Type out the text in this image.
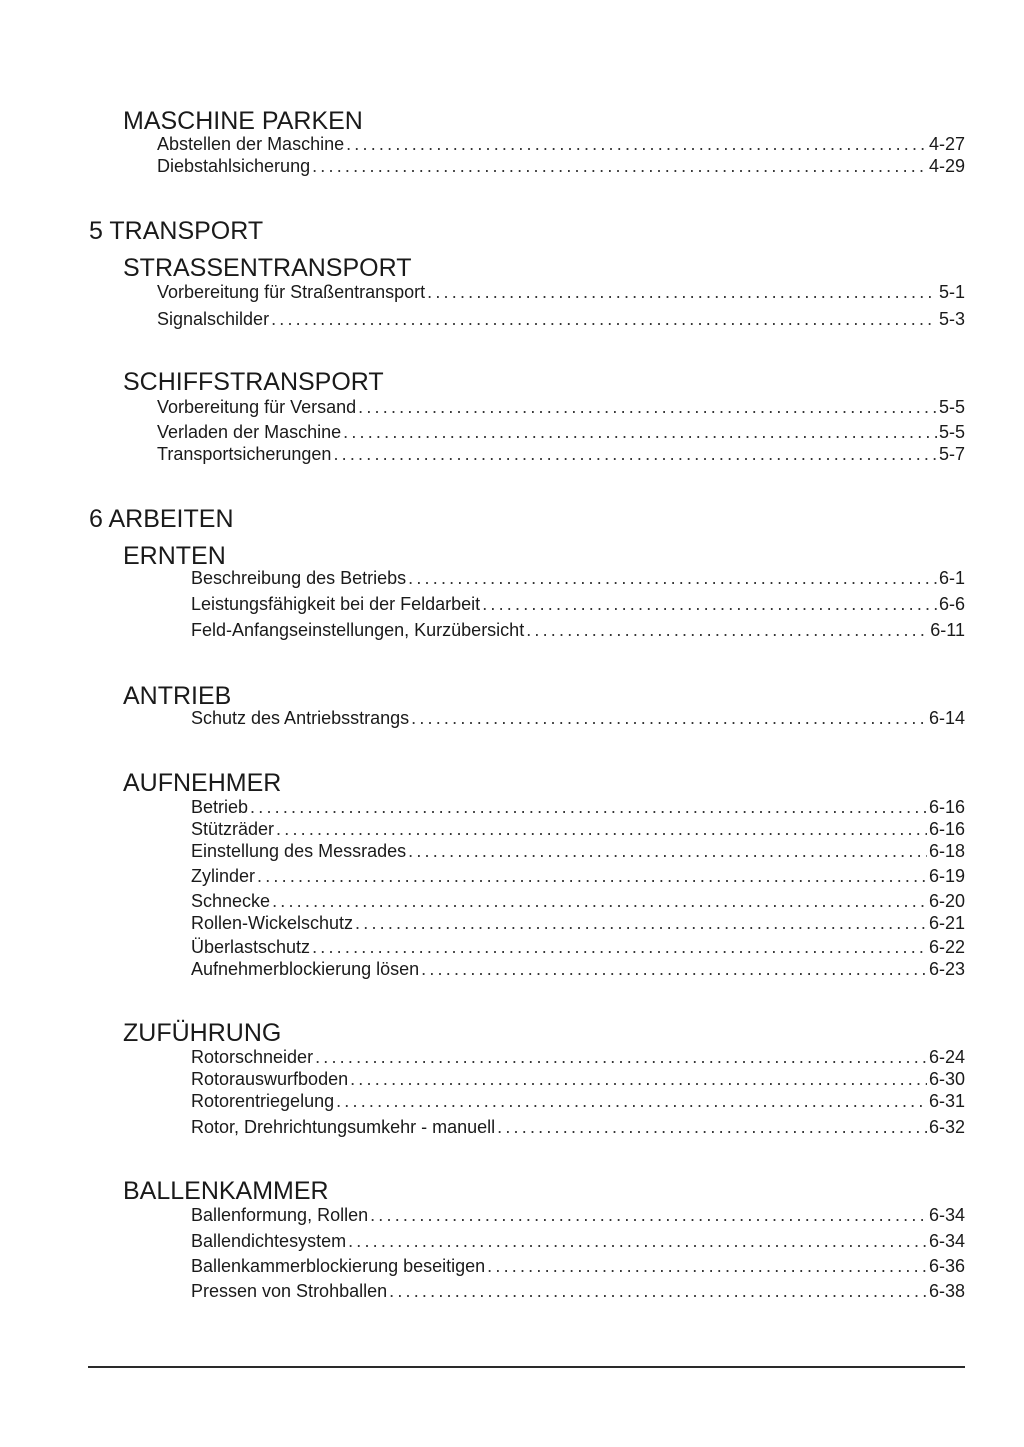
MASCHINE PARKEN
Abstellen der Maschine .....	4-27
Diebstahlsicherung .....	4-29
5 TRANSPORT
STRASSENTRANSPORT
Vorbereitung für Straßentransport .....	5-1
Signalschilder .....	5-3
SCHIFFSTRANSPORT
Vorbereitung für Versand .....	5-5
Verladen der Maschine .....	5-5
Transportsicherungen .....	5-7
6 ARBEITEN
ERNTEN
Beschreibung des Betriebs .....	6-1
Leistungsfähigkeit bei der Feldarbeit .....	6-6
Feld-Anfangseinstellungen, Kurzübersicht .....	6-11
ANTRIEB
Schutz des Antriebsstrangs .....	6-14
AUFNEHMER
Betrieb .....	6-16
Stützräder .....	6-16
Einstellung des Messrades .....	6-18
Zylinder .....	6-19
Schnecke .....	6-20
Rollen-Wickelschutz .....	6-21
Überlastschutz .....	6-22
Aufnehmerblockierung lösen .....	6-23
ZUFÜHRUNG
Rotorschneider .....	6-24
Rotorauswurfboden .....	6-30
Rotorentriegelung .....	6-31
Rotor, Drehrichtungsumkehr - manuell .....	6-32
BALLENKAMMER
Ballenformung, Rollen .....	6-34
Ballendichtesystem .....	6-34
Ballenkammerblockierung beseitigen .....	6-36
Pressen von Strohballen .....	6-38
